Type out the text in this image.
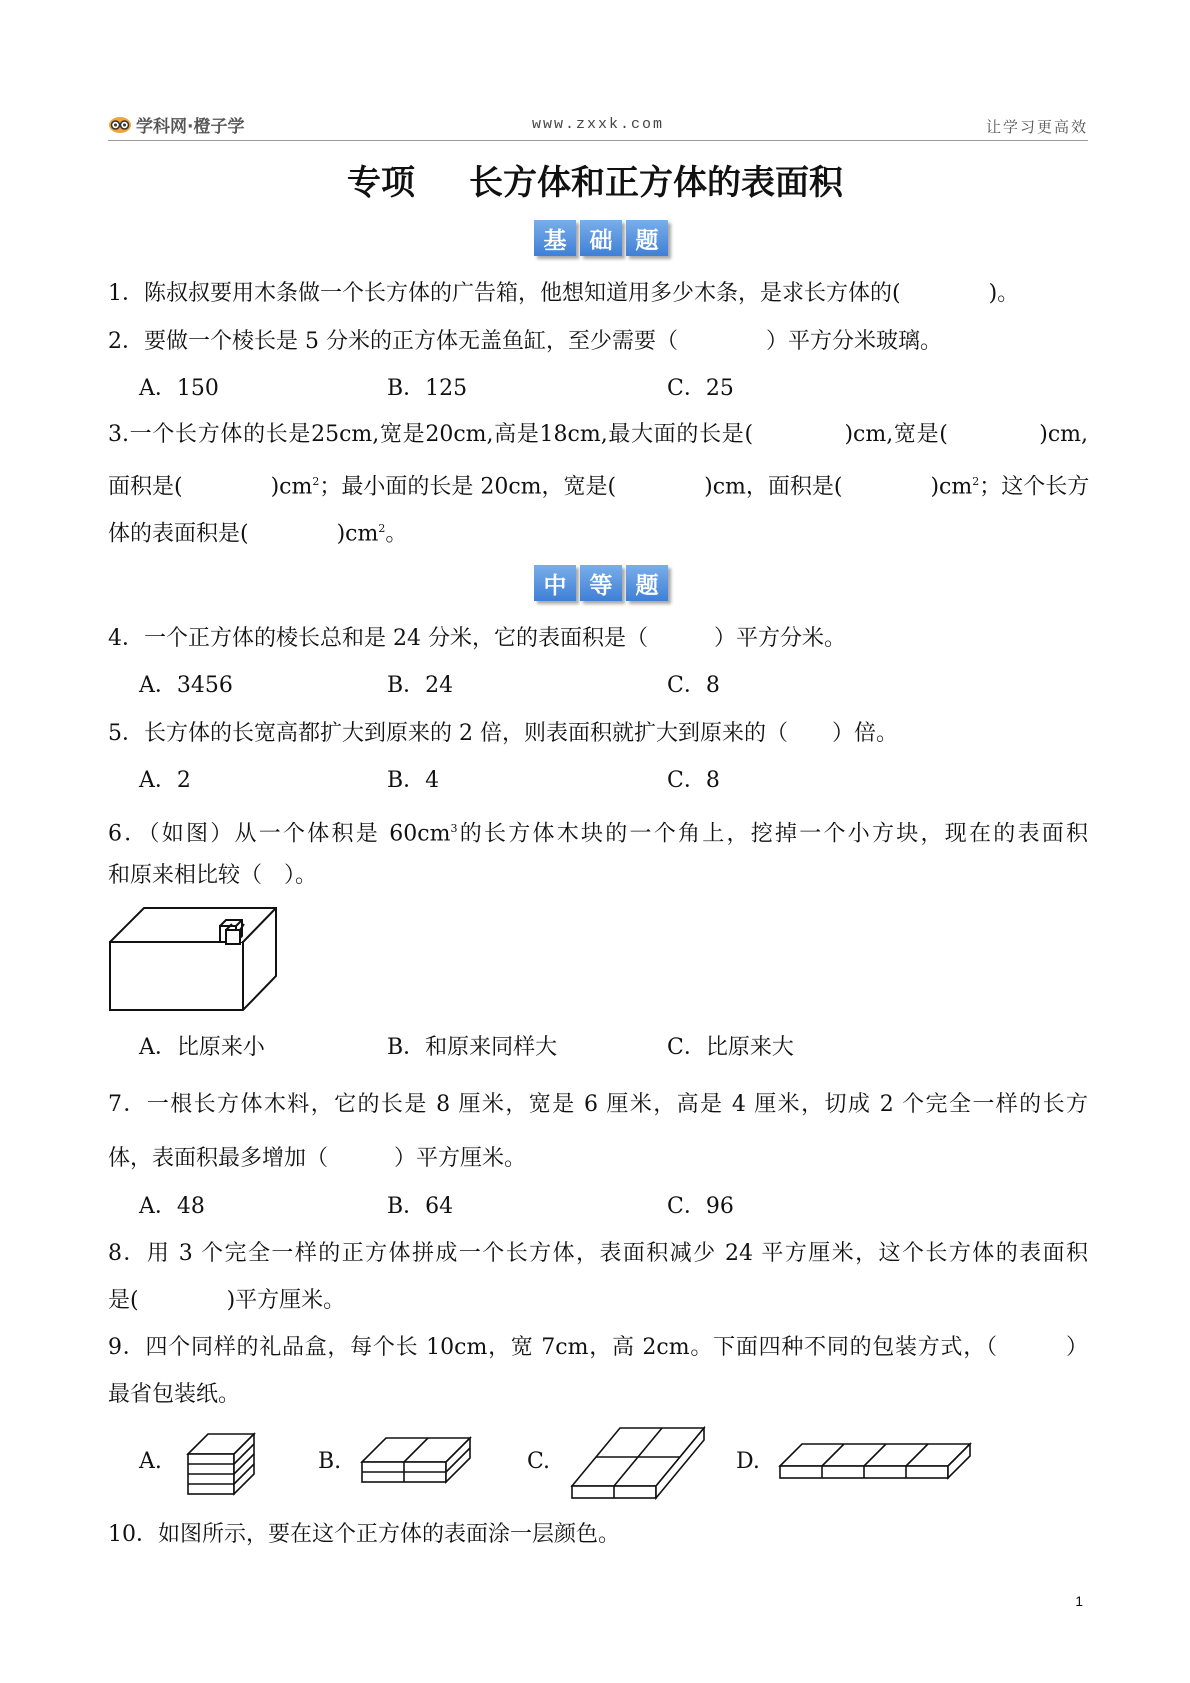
学科网·橙子学	www.zxxk.com	让学习更高效
专项 长方体和正方体的表面积
基	础	题
1．陈叔叔要用木条做一个长方体的广告箱，他想知道用多少木条，是求长方体的(　　　　)。
2．要做一个棱长是 5 分米的正方体无盖鱼缸，至少需要（　　　　）平方分米玻璃。
A．150	B．125	C．25
3.一个长方体的长是25cm,宽是20cm,高是18cm,最大面的长是(　　　　)cm,宽是(　　　　)cm,
面积是(　　　　)$cm^2$；最小面的长是 20cm，宽是(　　　　)cm，面积是(　　　　)$cm^2$；这个长方
体的表面积是(　　　　)$cm^2$。
中	等	题
4．一个正方体的棱长总和是 24 分米，它的表面积是（　　　）平方分米。
A．3456	B．24	C．8
5．长方体的长宽高都扩大到原来的 2 倍，则表面积就扩大到原来的（　　）倍。
A．2	B．4	C．8
6．（如图）从一个体积是 $60cm^3$的长方体木块的一个角上，挖掉一个小方块，现在的表面积
和原来相比较（　）。
A．比原来小	B．和原来同样大	C．比原来大
7．一根长方体木料，它的长是 8 厘米，宽是 6 厘米，高是 4 厘米，切成 2 个完全一样的长方
体，表面积最多增加（　　　）平方厘米。
A．48	B．64	C．96
8．用 3 个完全一样的正方体拼成一个长方体，表面积减少 24 平方厘米，这个长方体的表面积
是(　　　　)平方厘米。
9．四个同样的礼品盒，每个长 10cm，宽 7cm，高 2cm。下面四种不同的包装方式，（　　　）
最省包装纸。
A.	B.	C.	D.
10．如图所示，要在这个正方体的表面涂一层颜色。
1
